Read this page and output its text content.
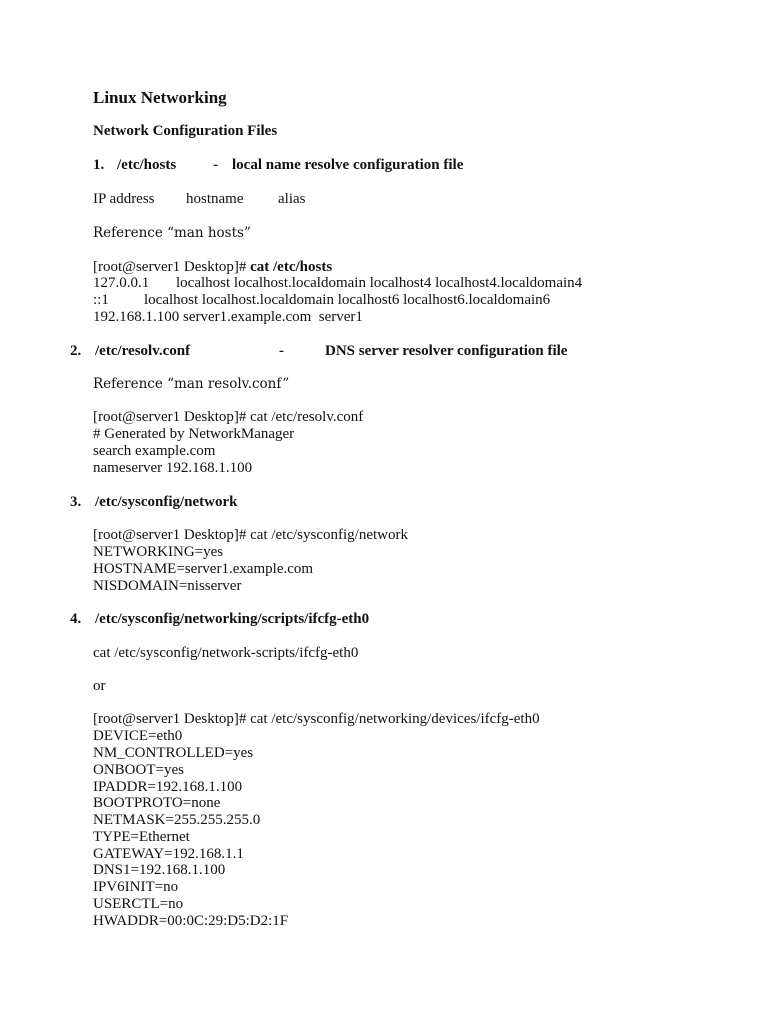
Linux Networking
Network Configuration Files
1. /etc/hosts - local name resolve configuration file
IP address hostname alias
Reference “man hosts”
[root@server1 Desktop]# cat /etc/hosts
127.0.0.1 localhost localhost.localdomain localhost4 localhost4.localdomain4
::1 localhost localhost.localdomain localhost6 localhost6.localdomain6
192.168.1.100 server1.example.com  server1
2. /etc/resolv.conf	-	DNS server resolver configuration file
Reference “man resolv.conf”
[root@server1 Desktop]# cat /etc/resolv.conf
# Generated by NetworkManager
search example.com
nameserver 192.168.1.100
3. /etc/sysconfig/network
[root@server1 Desktop]# cat /etc/sysconfig/network
NETWORKING=yes
HOSTNAME=server1.example.com
NISDOMAIN=nisserver
4. /etc/sysconfig/networking/scripts/ifcfg-eth0
cat /etc/sysconfig/network-scripts/ifcfg-eth0
or
[root@server1 Desktop]# cat /etc/sysconfig/networking/devices/ifcfg-eth0
DEVICE=eth0
NM_CONTROLLED=yes
ONBOOT=yes
IPADDR=192.168.1.100
BOOTPROTO=none
NETMASK=255.255.255.0
TYPE=Ethernet
GATEWAY=192.168.1.1
DNS1=192.168.1.100
IPV6INIT=no
USERCTL=no
HWADDR=00:0C:29:D5:D2:1F
